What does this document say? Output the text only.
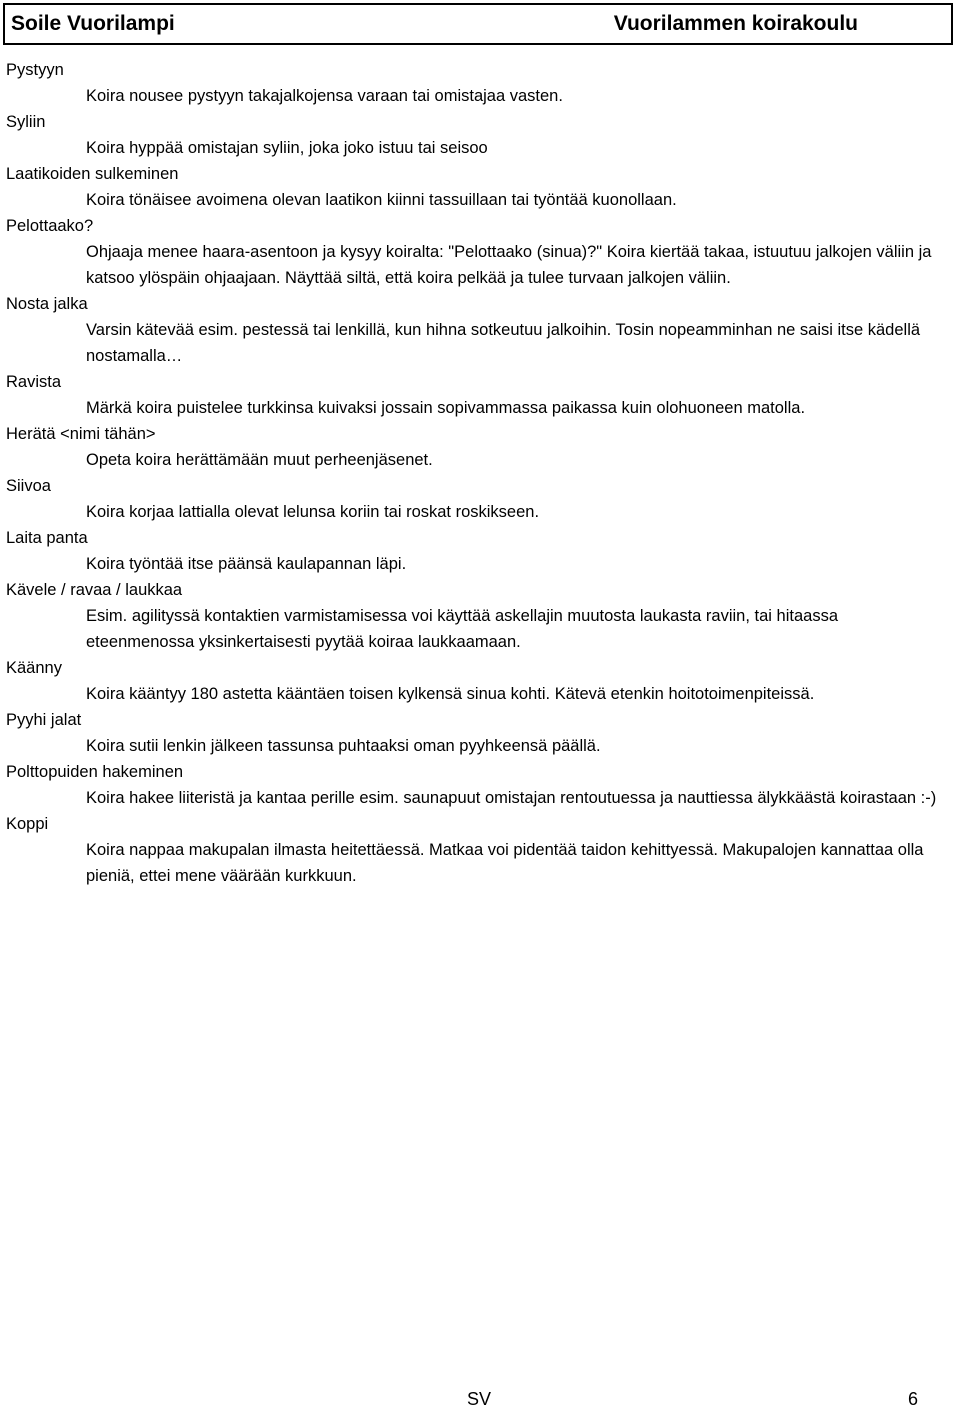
Soile Vuorilampi	Vuorilammen koirakoulu
Pystyyn
Koira nousee pystyyn takajalkojensa varaan tai omistajaa vasten.
Syliin
Koira hyppää omistajan syliin, joka joko istuu tai seisoo
Laatikoiden sulkeminen
Koira tönäisee avoimena olevan laatikon kiinni tassuillaan tai työntää kuonollaan.
Pelottaako?
Ohjaaja menee haara-asentoon ja kysyy koiralta: "Pelottaako (sinua)?" Koira kiertää takaa, istuutuu jalkojen väliin ja katsoo ylöspäin ohjaajaan. Näyttää siltä, että koira pelkää ja tulee turvaan jalkojen väliin.
Nosta jalka
Varsin kätevää esim. pestessä tai lenkillä, kun hihna sotkeutuu jalkoihin. Tosin nopeamminhan ne saisi itse kädellä nostamalla…
Ravista
Märkä koira puistelee turkkinsa kuivaksi jossain sopivammassa paikassa kuin olohuoneen matolla.
Herätä <nimi tähän>
Opeta koira herättämään muut perheenjäsenet.
Siivoa
Koira korjaa lattialla olevat lelunsa koriin tai roskat roskikseen.
Laita panta
Koira työntää itse päänsä kaulapannan läpi.
Kävele / ravaa / laukkaa
Esim. agilityssä kontaktien varmistamisessa voi käyttää askellajin muutosta laukasta raviin, tai hitaassa eteenmenossa yksinkertaisesti pyytää koiraa laukkaamaan.
Käänny
Koira kääntyy 180 astetta kääntäen toisen kylkensä sinua kohti. Kätevä etenkin hoitotoimenpiteissä.
Pyyhi jalat
Koira sutii lenkin jälkeen tassunsa puhtaaksi oman pyyhkeensä päällä.
Polttopuiden hakeminen
Koira hakee liiteristä ja kantaa perille esim. saunapuut omistajan rentoutuessa ja nauttiessa älykkäästä koirastaan :-)
Koppi
Koira nappaa makupalan ilmasta heitettäessä. Matkaa voi pidentää taidon kehittyessä. Makupalojen kannattaa olla pieniä, ettei mene väärään kurkkuun.
SV	6
